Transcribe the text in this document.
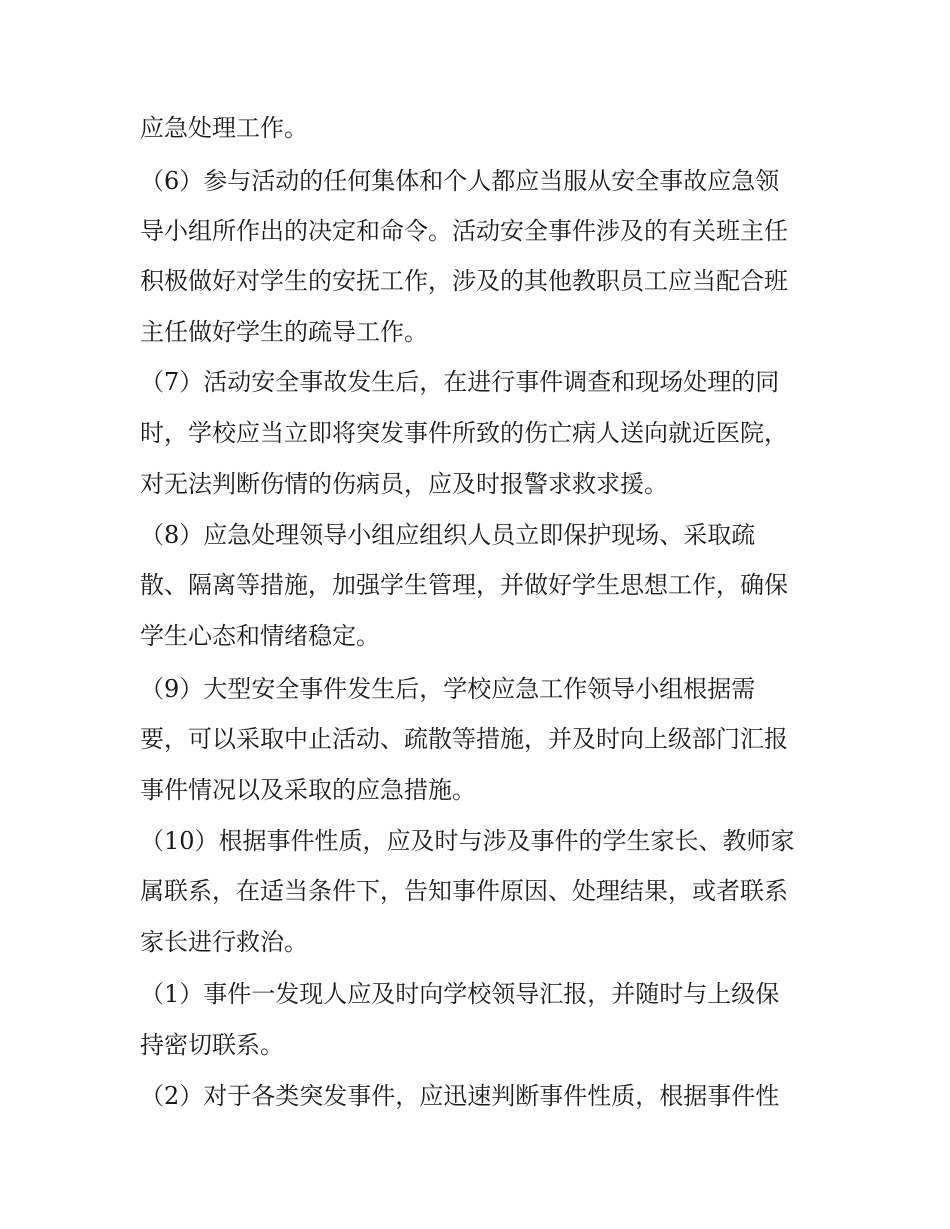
应急处理工作。

（6）参与活动的任何集体和个人都应当服从安全事故应急领

导小组所作出的决定和命令。活动安全事件涉及的有关班主任

积极做好对学生的安抚工作，涉及的其他教职员工应当配合班

主任做好学生的疏导工作。

（7）活动安全事故发生后，在进行事件调查和现场处理的同

时，学校应当立即将突发事件所致的伤亡病人送向就近医院，

对无法判断伤情的伤病员，应及时报警求救求援。

（8）应急处理领导小组应组织人员立即保护现场、采取疏

散、隔离等措施，加强学生管理，并做好学生思想工作，确保

学生心态和情绪稳定。

（9）大型安全事件发生后，学校应急工作领导小组根据需

要，可以采取中止活动、疏散等措施，并及时向上级部门汇报

事件情况以及采取的应急措施。

（10）根据事件性质，应及时与涉及事件的学生家长、教师家

属联系，在适当条件下，告知事件原因、处理结果，或者联系

家长进行救治。

（1）事件一发现人应及时向学校领导汇报，并随时与上级保

持密切联系。

（2）对于各类突发事件，应迅速判断事件性质，根据事件性
